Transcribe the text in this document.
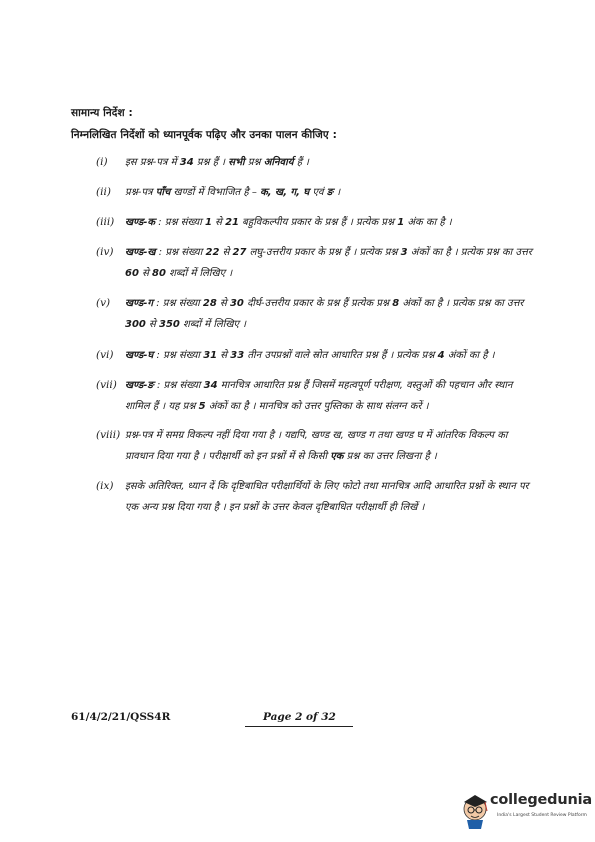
सामान्य निर्देश :
निम्नलिखित निर्देशों को ध्यानपूर्वक पढ़िए और उनका पालन कीजिए :
(i)	इस प्रश्न-पत्र में 34 प्रश्न हैं । सभी प्रश्न अनिवार्य हैं ।
(ii)	प्रश्न-पत्र पाँच खण्डों में विभाजित है – क, ख, ग, घ एवं ङ ।
(iii)	खण्ड-क : प्रश्न संख्या 1 से 21 बहुविकल्पीय प्रकार के प्रश्न हैं । प्रत्येक प्रश्न 1 अंक का है ।
(iv)	खण्ड-ख : प्रश्न संख्या 22 से 27 लघु-उत्तरीय प्रकार के प्रश्न हैं । प्रत्येक प्रश्न 3 अंकों का है । प्रत्येक प्रश्न का उत्तर 60 से 80 शब्दों में लिखिए ।
(v)	खण्ड-ग : प्रश्न संख्या 28 से 30 दीर्घ-उत्तरीय प्रकार के प्रश्न हैं प्रत्येक प्रश्न 8 अंकों का है । प्रत्येक प्रश्न का उत्तर 300 से 350 शब्दों में लिखिए ।
(vi)	खण्ड-घ : प्रश्न संख्या 31 से 33 तीन उपप्रश्नों वाले स्रोत आधारित प्रश्न हैं । प्रत्येक प्रश्न 4 अंकों का है ।
(vii) खण्ड-ङ : प्रश्न संख्या 34 मानचित्र आधारित प्रश्न हैं जिसमें महत्वपूर्ण परीक्षण, वस्तुओं की पहचान और स्थान शामिल हैं । यह प्रश्न 5 अंकों का है । मानचित्र को उत्तर पुस्तिका के साथ संलग्न करें ।
(viii) प्रश्न-पत्र में समग्र विकल्प नहीं दिया गया है । यद्यपि, खण्ड ख, खण्ड ग तथा खण्ड घ में आंतरिक विकल्प का प्रावधान दिया गया है । परीक्षार्थी को इन प्रश्नों में से किसी एक प्रश्न का उत्तर लिखना है ।
(ix)	इसके अतिरिक्त, ध्यान दें कि दृष्टिबाधित परीक्षार्थियों के लिए फोटो तथा मानचित्र आदि आधारित प्रश्नों के स्थान पर एक अन्य प्रश्न दिया गया है । इन प्रश्नों के उत्तर केवल दृष्टिबाधित परीक्षार्थी ही लिखें ।
61/4/2/21/QSS4R	Page 2 of 32
collegedunia
India's Largest Student Review Platform
